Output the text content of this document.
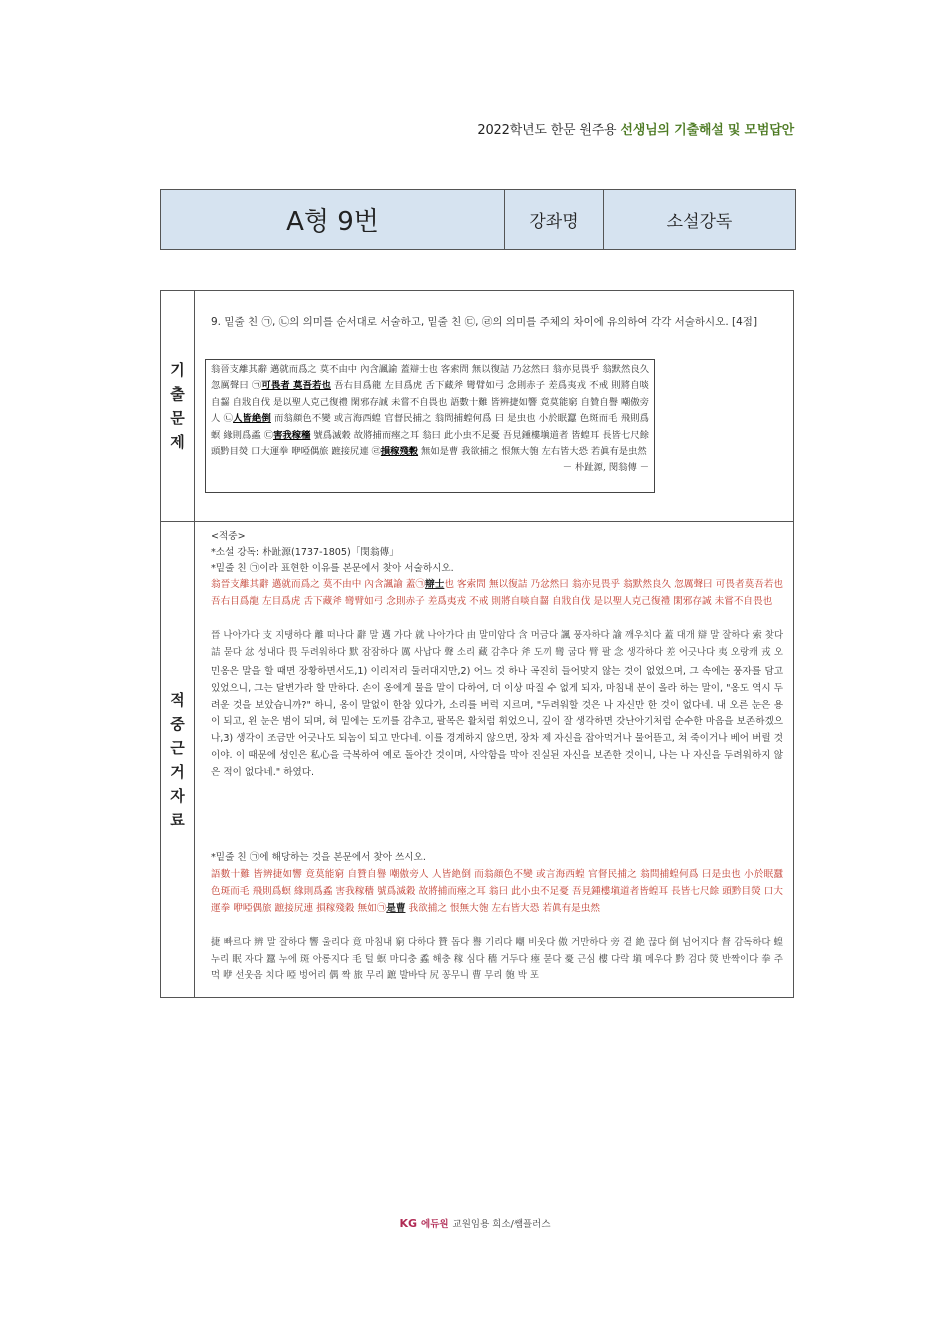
2022학년도 한문 원주용 선생님의 기출해설 및 모범답안
A형 9번	강좌명	소설강독
기
출
문
제
9. 밑줄 친 ㉠, ㉡의 의미를 순서대로 서술하고, 밑줄 친 ㉢, ㉣의 의미를 주체의 차이에 유의하여 각각 서술하시오. [4점]
翁晉支離其辭 邁就而爲之 莫不由中 內含諷諭 蓋辯士也 客索問 無以復詰 乃忿然曰 翁亦見畏乎 翁默然良久 忽厲聲曰 ㉠可畏者 莫吾若也 吾右目爲龍 左目爲虎 舌下藏斧 彎臂如弓 念則赤子 差爲夷戎 不戒 則將自啖自齧 自戕自伐 是以聖人克己復禮 閑邪存誠 未嘗不自畏也 語數十難 皆辨捷如響 竟莫能窮 自贊自譽 嘲傲旁人 ㉡人皆絶倒 而翁顔色不變 或言海西蝗 官督民捕之 翁問捕蝗何爲 曰 是虫也 小於眠蠶 色斑而毛 飛則爲螟 緣則爲蟊 ㉢害我稼穡 號爲滅穀 故將捕而瘞之耳 翁曰 此小虫不足憂 吾見鍾樓塡道者 皆蝗耳 長皆七尺餘 頭黔目熒 口大運拳 咿啞偶旅 蹠接尻連 ㉣損稼殘穀 無如是曹 我欲捕之 恨無大匏 左右皆大恐 若眞有是虫然
－ 朴趾源, 閔翁傳 －
적
중
근
거
자
료
<적중>
*소설 강독: 朴趾源(1737-1805)「閔翁傳」
*밑줄 친 ㉠이라 표현한 이유를 본문에서 찾아 서술하시오.
翁晉支離其辭 邁就而爲之 莫不由中 內含諷諭 蓋㉠辯士也 客索問 無以復詰 乃忿然曰 翁亦見畏乎 翁默然良久 忽厲聲曰 可畏者莫吾若也 吾右目爲龍 左目爲虎 舌下藏斧 彎臂如弓 念則赤子 差爲夷戎 不戒 則將自啖自齧 自戕自伐 是以聖人克己復禮 閑邪存誠 未嘗不自畏也
晉 나아가다 支 지탱하다 離 떠나다 辭 말 邁 가다 就 나아가다 由 말미암다 含 머금다 諷 풍자하다 諭 깨우치다 蓋 대개 辯 말 잘하다 索 찾다 詰 묻다 忿 성내다 畏 두려워하다 默 잠잠하다 厲 사납다 聲 소리 藏 감추다 斧 도끼 彎 굽다 臂 팔 念 생각하다 差 어긋나다 夷 오랑캐 戎 오
민옹은 말을 할 때면 장황하면서도,1) 이리저리 둘러대지만,2) 어느 것 하나 곡진히 들어맞지 않는 것이 없었으며, 그 속에는 풍자를 담고 있었으니, 그는 달변가라 할 만하다. 손이 옹에게 물을 말이 다하여, 더 이상 따질 수 없게 되자, 마침내 분이 올라 하는 말이, "옹도 역시 두려운 것을 보았습니까?" 하니, 옹이 말없이 한참 있다가, 소리를 버럭 지르며, "두려워할 것은 나 자신만 한 것이 없다네. 내 오른 눈은 용이 되고, 왼 눈은 범이 되며, 혀 밑에는 도끼를 감추고, 팔목은 활처럼 휘었으니, 깊이 잘 생각하면 갓난아기처럼 순수한 마음을 보존하겠으나,3) 생각이 조금만 어긋나도 되놈이 되고 만다네. 이를 경계하지 않으면, 장차 제 자신을 잡아먹거나 물어뜯고, 쳐 죽이거나 베어 버릴 것이야. 이 때문에 성인은 私心을 극복하여 예로 돌아간 것이며, 사악함을 막아 진실된 자신을 보존한 것이니, 나는 나 자신을 두려워하지 않은 적이 없다네." 하였다.
*밑줄 친 ㉠에 해당하는 것을 본문에서 찾아 쓰시오.
語數十難 皆辨捷如響 竟莫能窮 自贊自譽 嘲傲旁人 人皆絶倒 而翁顔色不變 或言海西蝗 官督民捕之 翁問捕蝗何爲 曰是虫也 小於眠蠶 色斑而毛 飛則爲螟 緣則爲蟊 害我稼穡 號爲滅穀 故將捕而瘞之耳 翁曰 此小虫不足憂 吾見鍾樓塡道者皆蝗耳 長皆七尺餘 頭黔目熒 口大運拳 咿啞偶旅 蹠接尻連 損稼殘穀 無如㉠是曹 我欲捕之 恨無大匏 左右皆大恐 若眞有是虫然
捷 빠르다 辨 말 잘하다 響 울리다 竟 마침내 窮 다하다 贊 돕다 譽 기리다 嘲 비웃다 傲 거만하다 旁 곁 絶 끊다 倒 넘어지다 督 감독하다 蝗 누리 眠 자다 蠶 누에 斑 아롱지다 毛 털 螟 마디충 蟊 해충 稼 심다 穡 거두다 瘞 묻다 憂 근심 樓 다락 塡 메우다 黔 검다 熒 반짝이다 拳 주먹 咿 선웃음 치다 啞 벙어리 偶 짝 旅 무리 蹠 발바닥 尻 꽁무니 曹 무리 匏 박 포
KG 에듀원 교원임용 희소/쌤플러스
